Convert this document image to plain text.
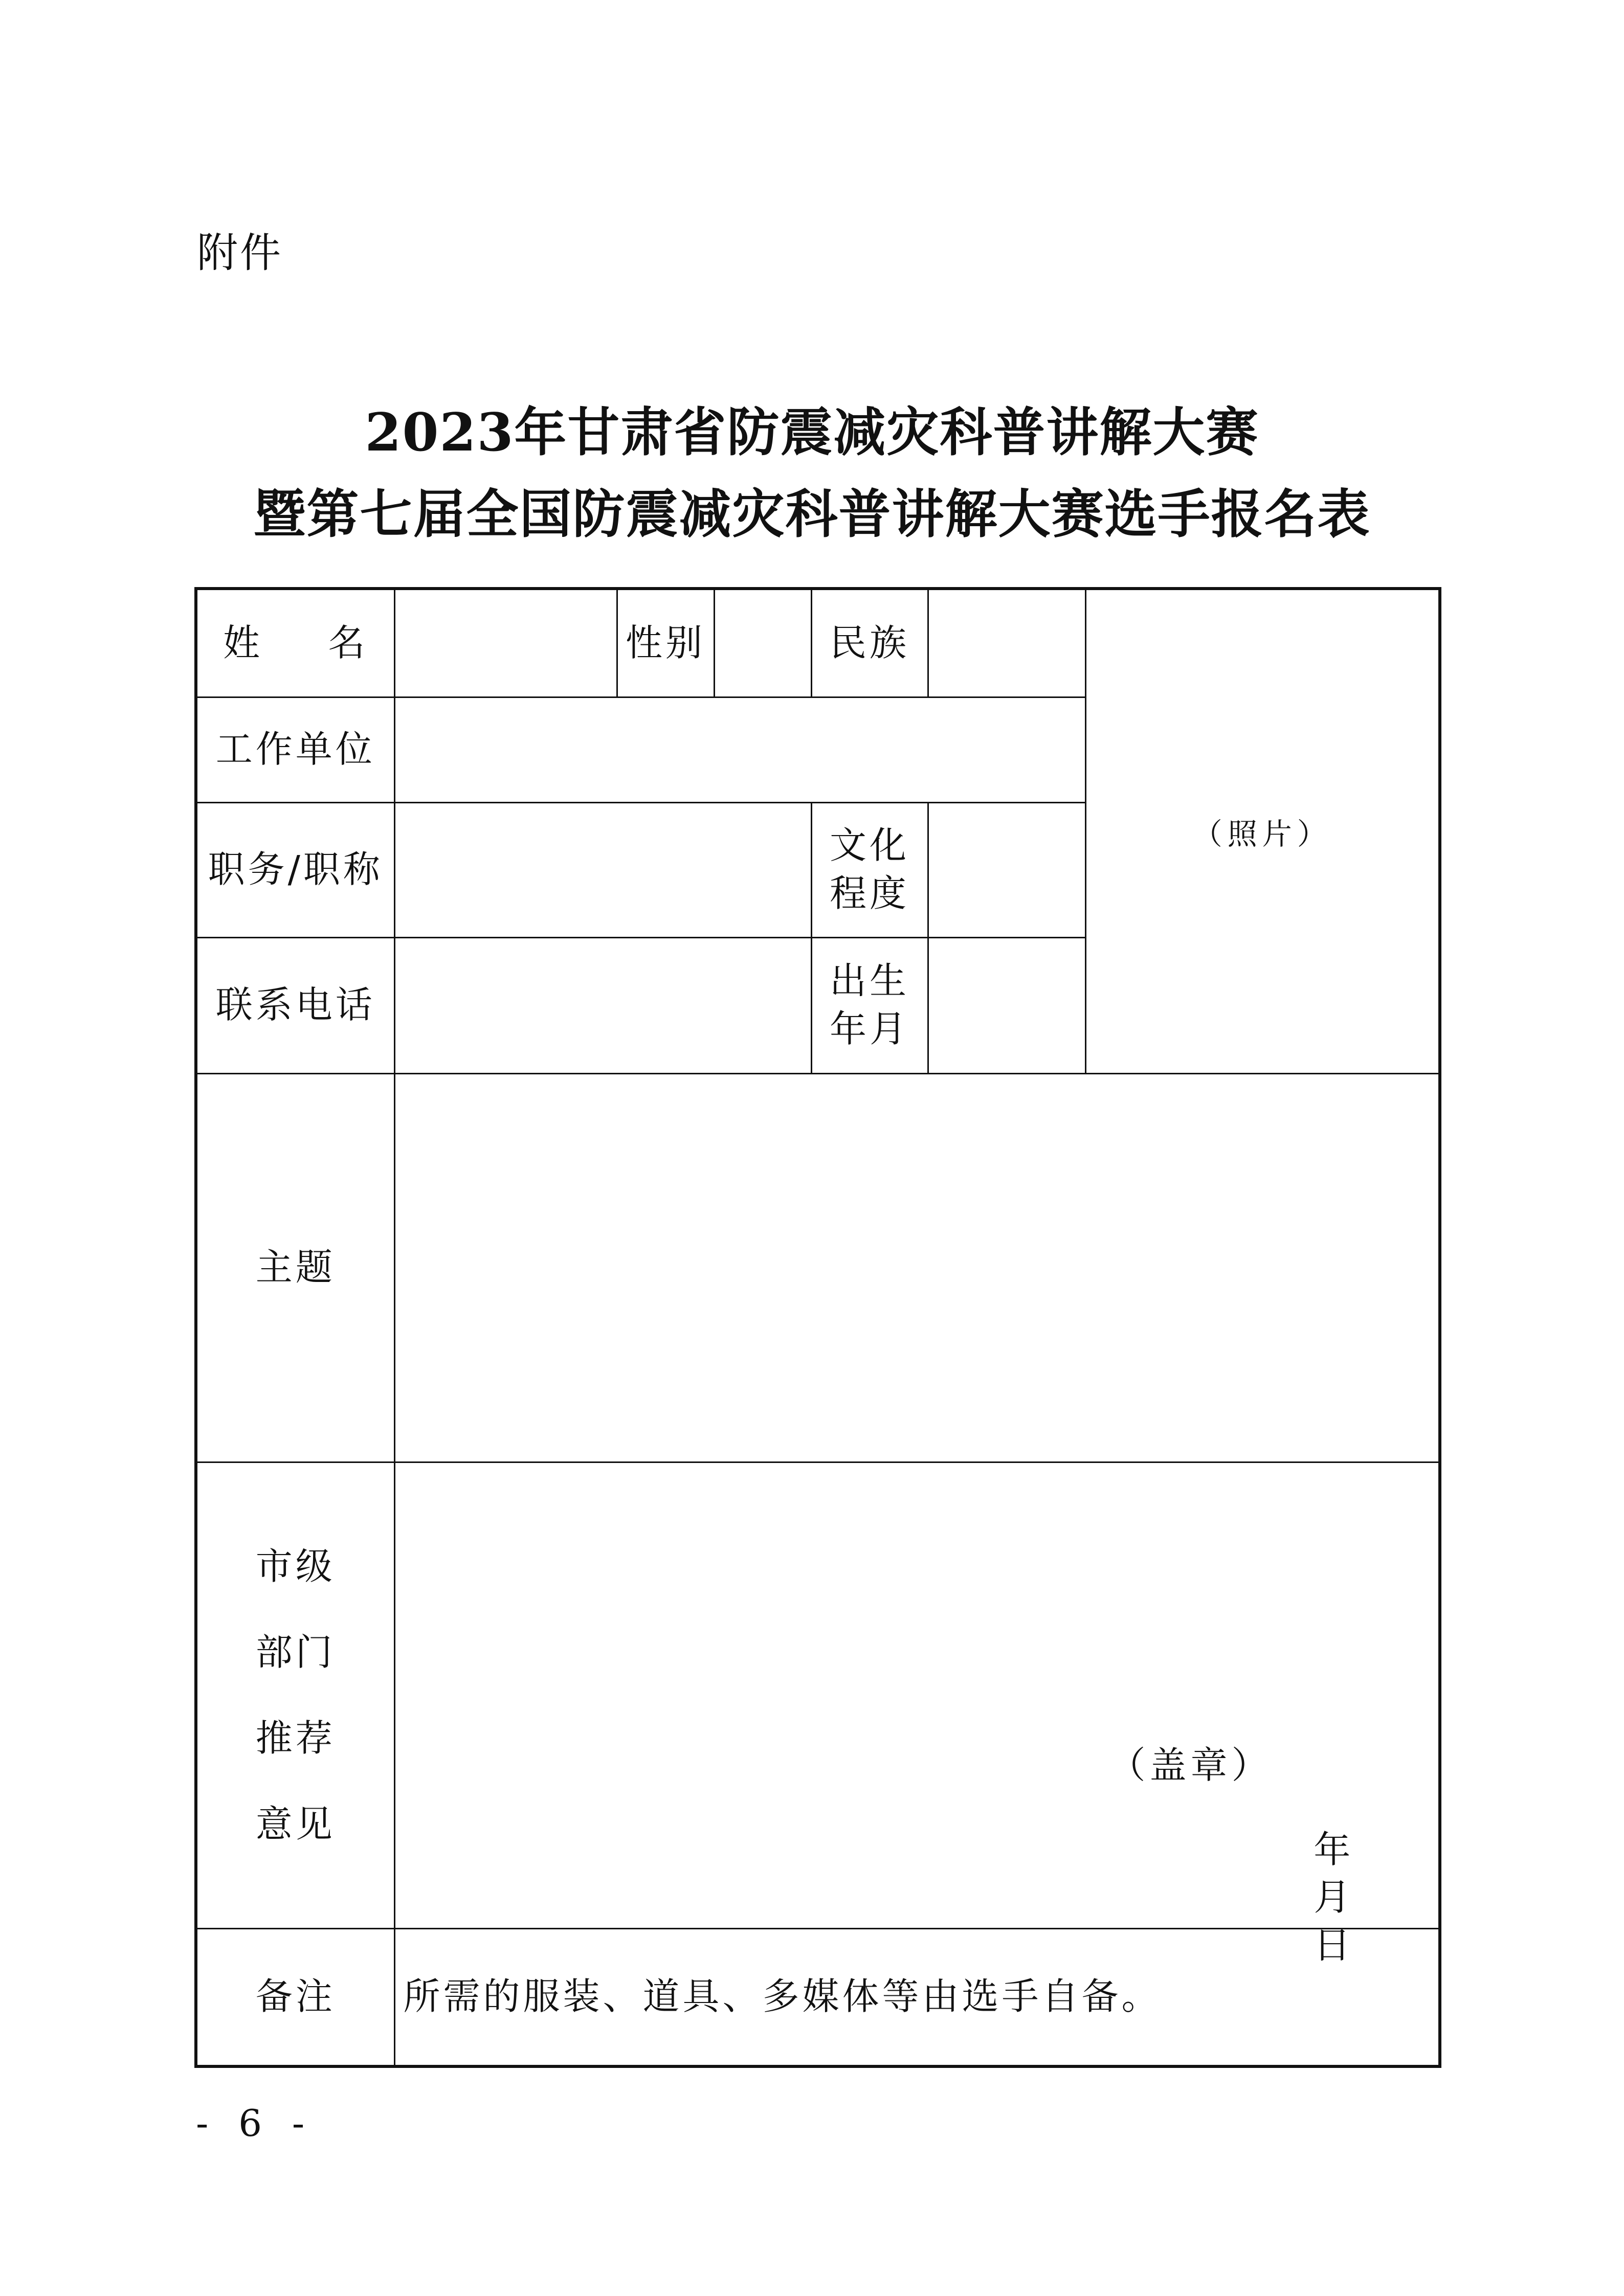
附件
2023年甘肃省防震减灾科普讲解大赛
暨第七届全国防震减灾科普讲解大赛选手报名表
姓 名		性别		民族		（照片）

工作单位						
职务/职称				文化
程度		

联系电话				出生
年月		

主题						

市级
部门
推荐
意见	（盖章）
年 月 日					

备注	所需的服装、道具、多媒体等由选手自备。					
- 6 -
